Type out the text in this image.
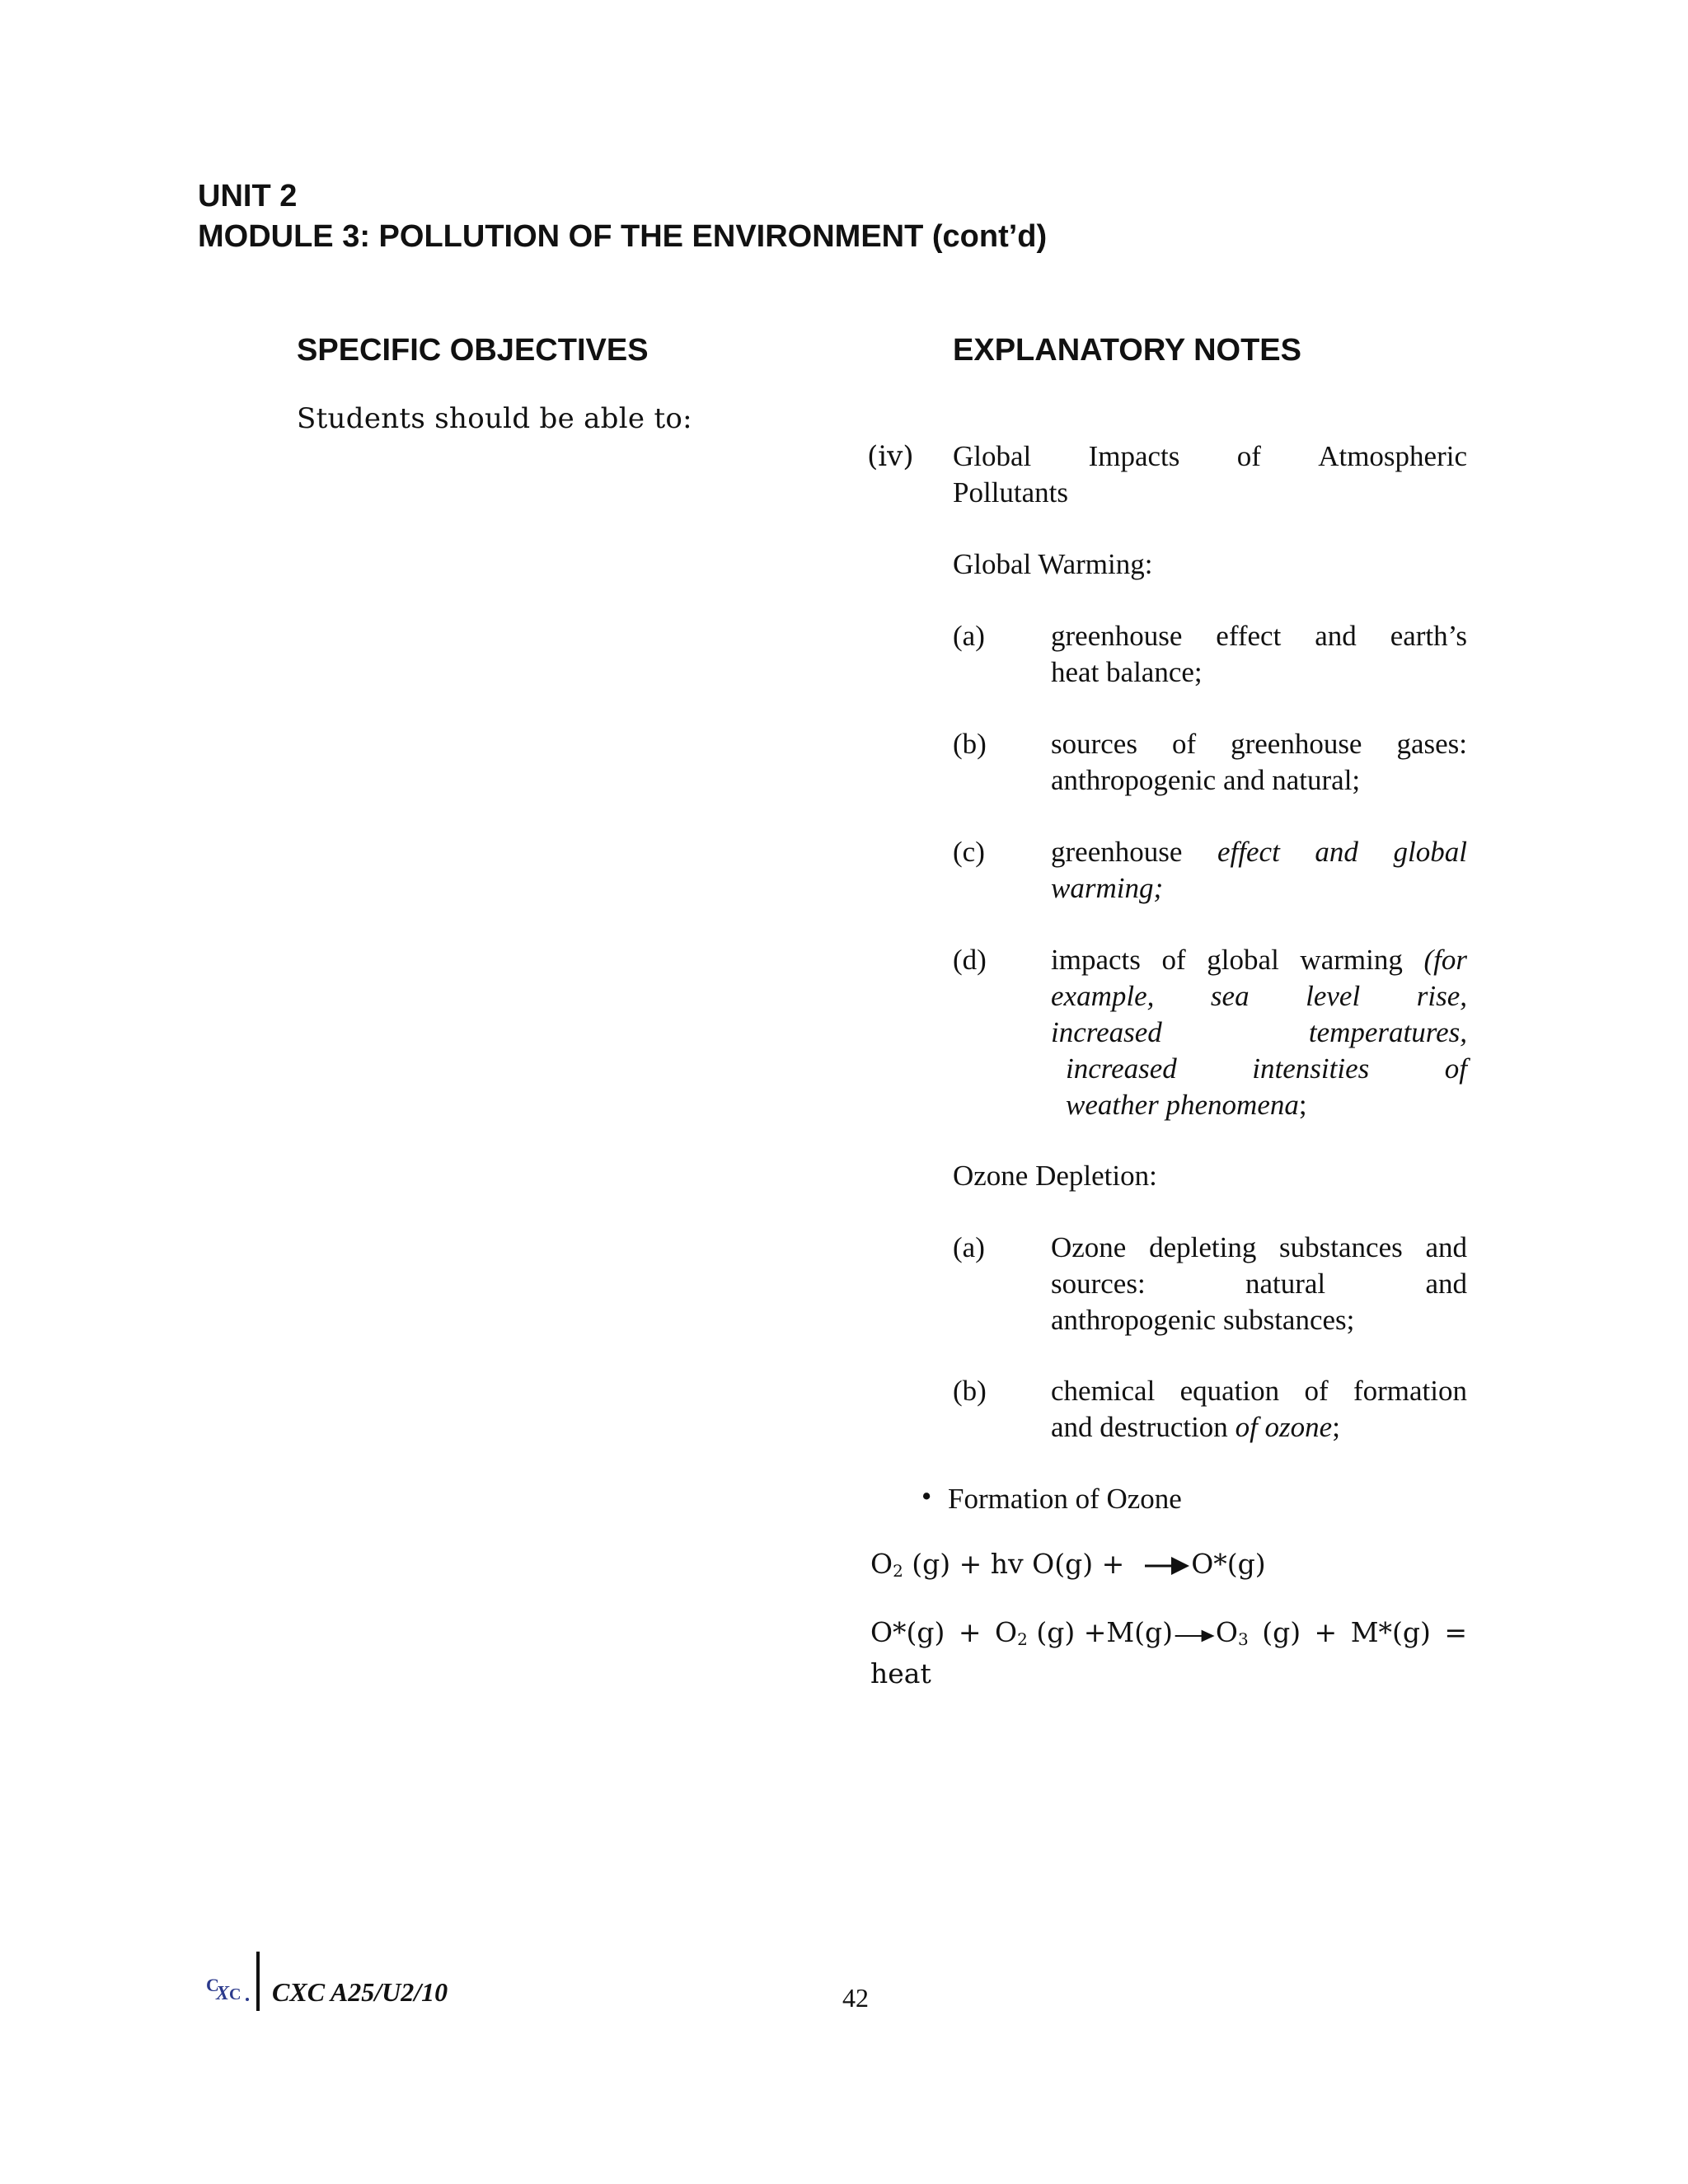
UNIT 2
MODULE 3: POLLUTION OF THE ENVIRONMENT (cont’d)
SPECIFIC OBJECTIVES	EXPLANATORY NOTES
Students should be able to:
(iv) Global Impacts of Atmospheric
Pollutants
Global Warming:
(a) greenhouse effect and earth’s
heat balance;
(b) sources of greenhouse gases:
anthropogenic and natural;
(c) greenhouse effect and global
warming;
(d) impacts of global warming (for
example, sea level rise,
increased temperatures,
increased intensities of
weather phenomena;
Ozone Depletion:
(a) Ozone depleting substances and
sources: natural and
anthropogenic substances;
(b) chemical equation of formation
and destruction of ozone;
• Formation of Ozone
$O_2$ (g) + hv O(g) +  O*(g)
$O*(g) + O_2$ (g) +M(g) $O_3$ (g) + M*(g) =
heat
C
X C CXC A25/U2/10	42
